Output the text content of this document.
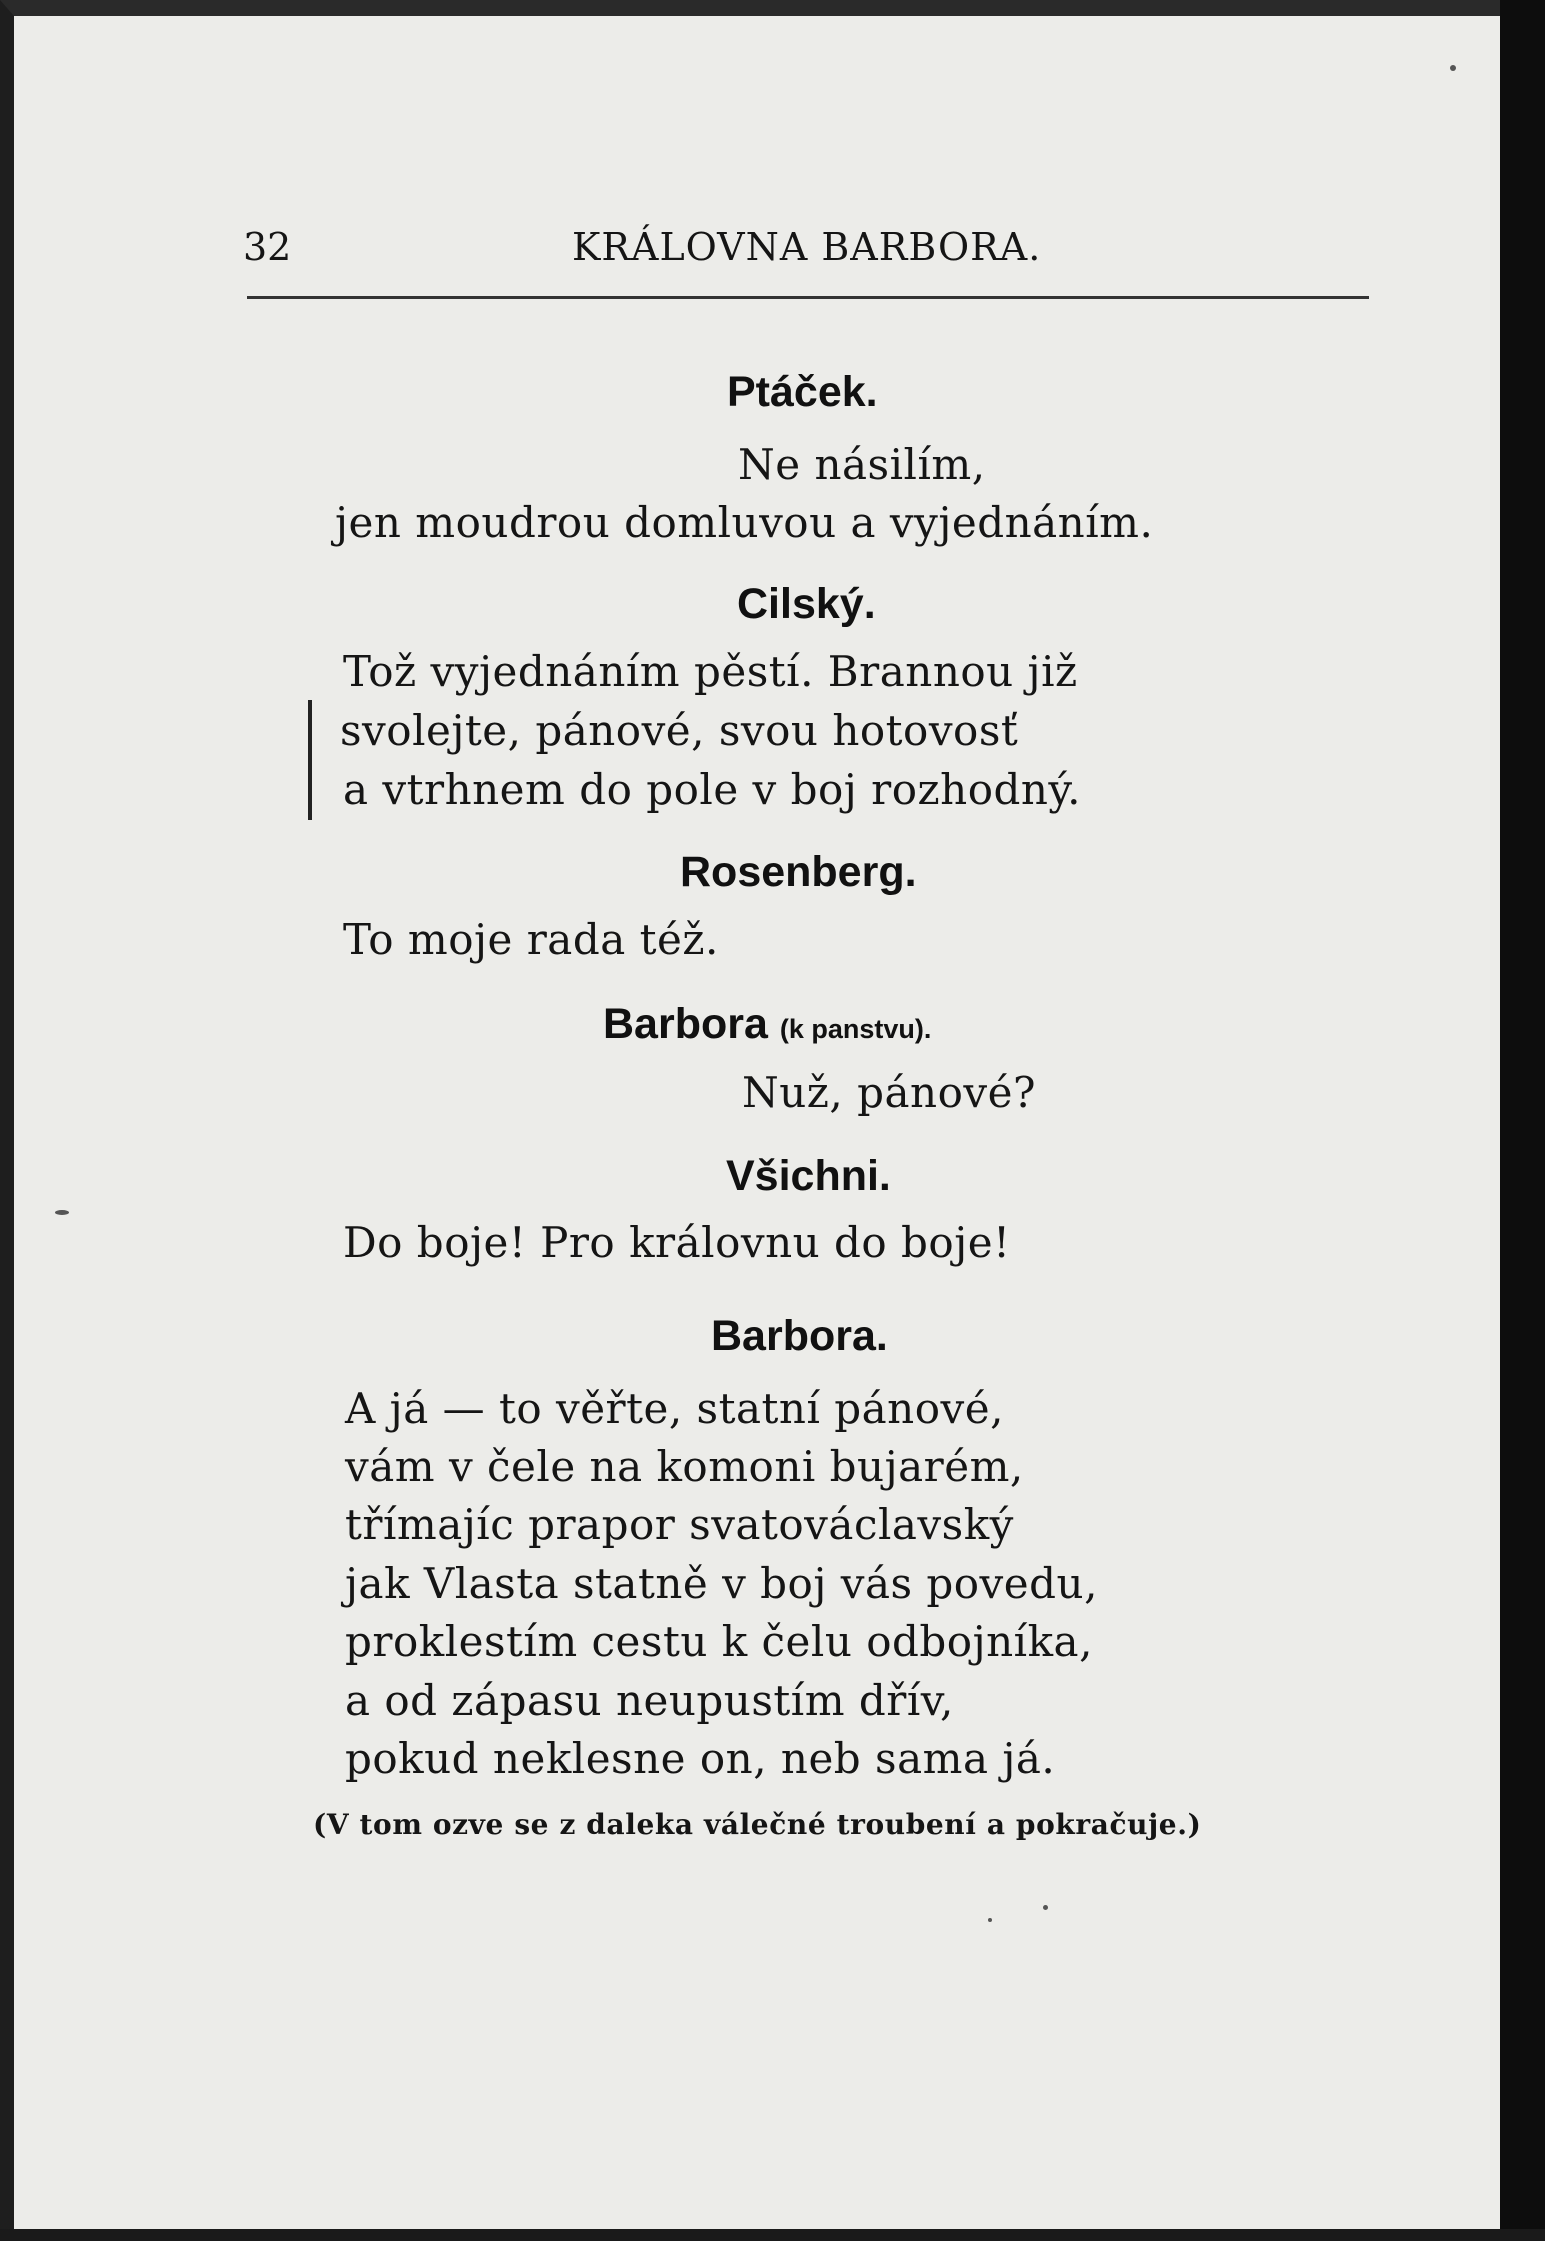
32	KRÁLOVNA BARBORA.

Ptáček.

Ne násilím,

jen moudrou domluvou a vyjednáním.

Cilský.

Tož vyjednáním pěstí. Brannou již

svolejte, pánové, svou hotovosť

a vtrhnem do pole v boj rozhodný.

Rosenberg.

To moje rada též.

Barbora (k panstvu).

Nuž, pánové?

Všichni.

Do boje! Pro královnu do boje!

Barbora.

A já — to věřte, statní pánové,

vám v čele na komoni bujarém,

třímajíc prapor svatováclavský

jak Vlasta statně v boj vás povedu,

proklestím cestu k čelu odbojníka,

a od zápasu neupustím dřív,

pokud neklesne on, neb sama já.

(V tom ozve se z daleka válečné troubení a pokračuje.)
